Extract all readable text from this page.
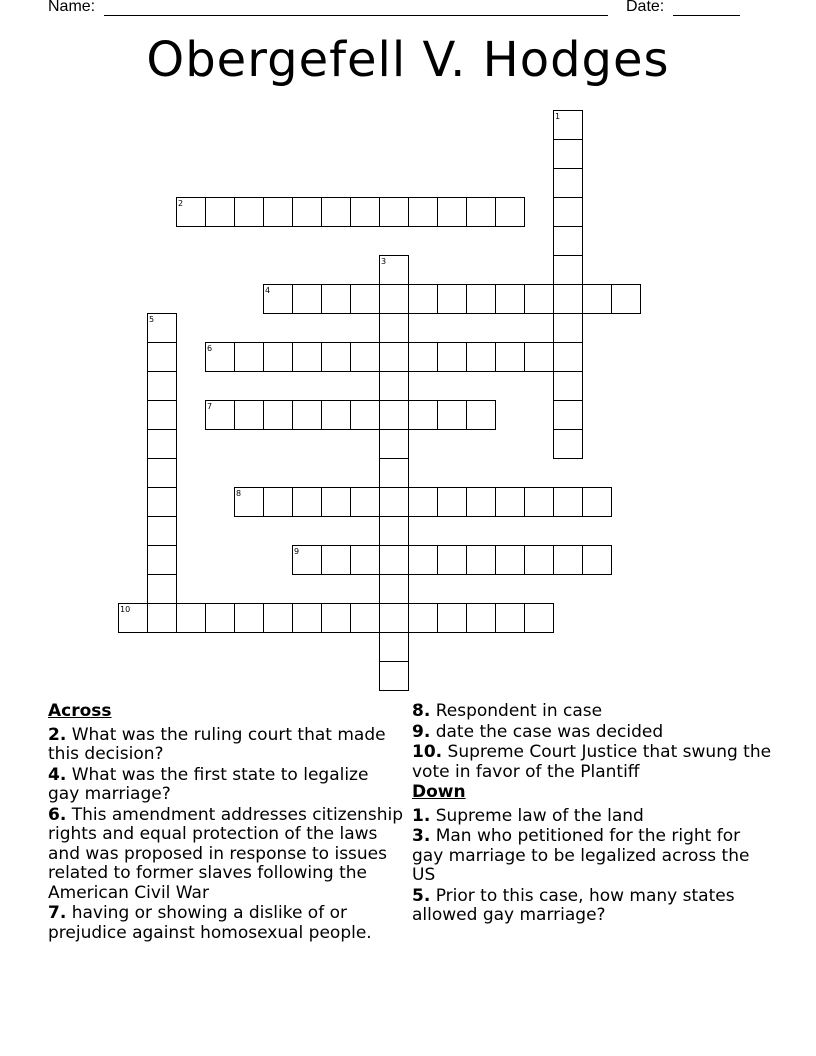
Name:	Date:
Obergefell V. Hodges
1
2
3
4
5
6
7
8
9
10
Across
2. What was the ruling court that made this decision?
4. What was the first state to legalize gay marriage?
6. This amendment addresses citizenship rights and equal protection of the laws and was proposed in response to issues related to former slaves following the American Civil War
7. having or showing a dislike of or prejudice against homosexual people.
8. Respondent in case
9. date the case was decided
10. Supreme Court Justice that swung the vote in favor of the Plantiff
Down
1. Supreme law of the land
3. Man who petitioned for the right for gay marriage to be legalized across the US
5. Prior to this case, how many states allowed gay marriage?
